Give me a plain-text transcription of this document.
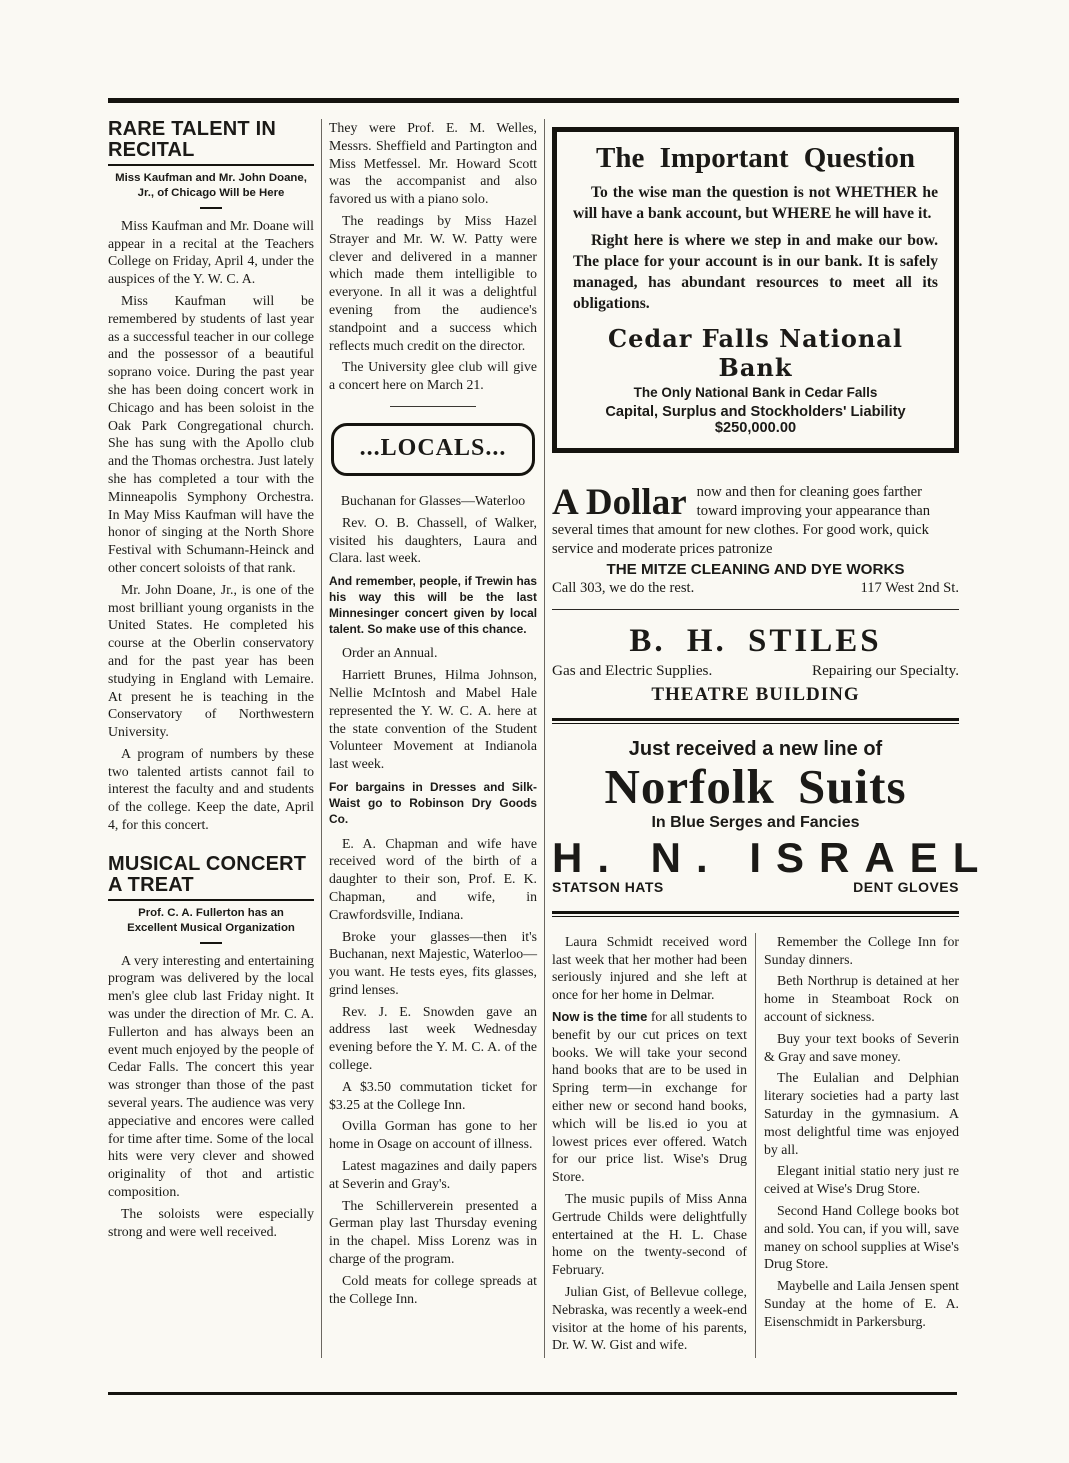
RARE TALENT IN RECITAL
Miss Kaufman and Mr. John Doane, Jr., of Chicago Will be Here

Miss Kaufman and Mr. Doane will appear in a recital at the Teachers College on Friday, April 4, under the auspices of the Y. W. C. A.

Miss Kaufman will be remembered by students of last year as a successful teacher in our college and the possessor of a beautiful soprano voice. During the past year she has been doing concert work in Chicago and has been soloist in the Oak Park Congregational church. She has sung with the Apollo club and the Thomas orchestra. Just lately she has completed a tour with the Minneapolis Symphony Orchestra. In May Miss Kaufman will have the honor of singing at the North Shore Festival with Schumann-Heinck and other concert soloists of that rank.

Mr. John Doane, Jr., is one of the most brilliant young organists in the United States. He completed his course at the Oberlin conservatory and for the past year has been studying in England with Lemaire. At present he is teaching in the Conservatory of Northwestern University.

A program of numbers by these two talented artists cannot fail to interest the faculty and and students of the college. Keep the date, April 4, for this concert.

MUSICAL CONCERT A TREAT
Prof. C. A. Fullerton has an Excellent Musical Organization

A very interesting and entertaining program was delivered by the local men's glee club last Friday night. It was under the direction of Mr. C. A. Fullerton and has always been an event much enjoyed by the people of Cedar Falls. The concert this year was stronger than those of the past several years. The audience was very appeciative and encores were called for time after time. Some of the local hits were very clever and showed originality of thot and artistic composition.

The soloists were especially strong and were well received.

They were Prof. E. M. Welles, Messrs. Sheffield and Partington and Miss Metfessel. Mr. Howard Scott was the accompanist and also favored us with a piano solo.

The readings by Miss Hazel Strayer and Mr. W. W. Patty were clever and delivered in a manner which made them intelligible to everyone. In all it was a delightful evening from the audience's standpoint and a success which reflects much credit on the director.

The University glee club will give a concert here on March 21.

...LOCALS...

Buchanan for Glasses—Waterloo

Rev. O. B. Chassell, of Walker, visited his daughters, Laura and Clara. last week.

And remember, people, if Trewin has his way this will be the last Minnesinger concert given by local talent. So make use of this chance.

Order an Annual.

Harriett Brunes, Hilma Johnson, Nellie McIntosh and Mabel Hale represented the Y. W. C. A. here at the state convention of the Student Volunteer Movement at Indianola last week.

For bargains in Dresses and Silk-Waist go to Robinson Dry Goods Co.

E. A. Chapman and wife have received word of the birth of a daughter to their son, Prof. E. K. Chapman, and wife, in Crawfordsville, Indiana.

Broke your glasses—then it's Buchanan, next Majestic, Waterloo—you want. He tests eyes, fits glasses, grind lenses.

Rev. J. E. Snowden gave an address last week Wednesday evening before the Y. M. C. A. of the college.

A $3.50 commutation ticket for $3.25 at the College Inn.

Ovilla Gorman has gone to her home in Osage on account of illness.

Latest magazines and daily papers at Severin and Gray's.

The Schillerverein presented a German play last Thursday evening in the chapel. Miss Lorenz was in charge of the program.

Cold meats for college spreads at the College Inn.

The Important Question

To the wise man the question is not WHETHER he will have a bank account, but WHERE he will have it.

Right here is where we step in and make our bow. The place for your account is in our bank. It is safely managed, has abundant resources to meet all its obligations.

Cedar Falls National Bank
The Only National Bank in Cedar Falls
Capital, Surplus and Stockholders' Liability $250,000.00
A Dollar now and then for cleaning goes farther toward improving your appearance than several times that amount for new clothes. For good work, quick service and moderate prices patronize
THE MITZE CLEANING AND DYE WORKS
Call 303, we do the rest.	117 West 2nd St.
B. H. STILES
Gas and Electric Supplies.	Repairing our Specialty.
THEATRE BUILDING
Just received a new line of
Norfolk Suits
In Blue Serges and Fancies
H. N. ISRAEL
STATSON HATS	DENT GLOVES

Laura Schmidt received word last week that her mother had been seriously injured and she left at once for her home in Delmar.

Now is the time for all students to benefit by our cut prices on text books. We will take your second hand books that are to be used in Spring term—in exchange for either new or second hand books, which will be lis.ed io you at lowest prices ever offered. Watch for our price list. Wise's Drug Store.

The music pupils of Miss Anna Gertrude Childs were delightfully entertained at the H. L. Chase home on the twenty-second of February.

Julian Gist, of Bellevue college, Nebraska, was recently a week-end visitor at the home of his parents, Dr. W. W. Gist and wife.

Remember the College Inn for Sunday dinners.

Beth Northrup is detained at her home in Steamboat Rock on account of sickness.

Buy your text books of Severin & Gray and save money.

The Eulalian and Delphian literary societies had a party last Saturday in the gymnasium. A most delightful time was enjoyed by all.

Elegant initial statio nery just re ceived at Wise's Drug Store.

Second Hand College books bot and sold. You can, if you will, save maney on school supplies at Wise's Drug Store.

Maybelle and Laila Jensen spent Sunday at the home of E. A. Eisenschmidt in Parkersburg.
